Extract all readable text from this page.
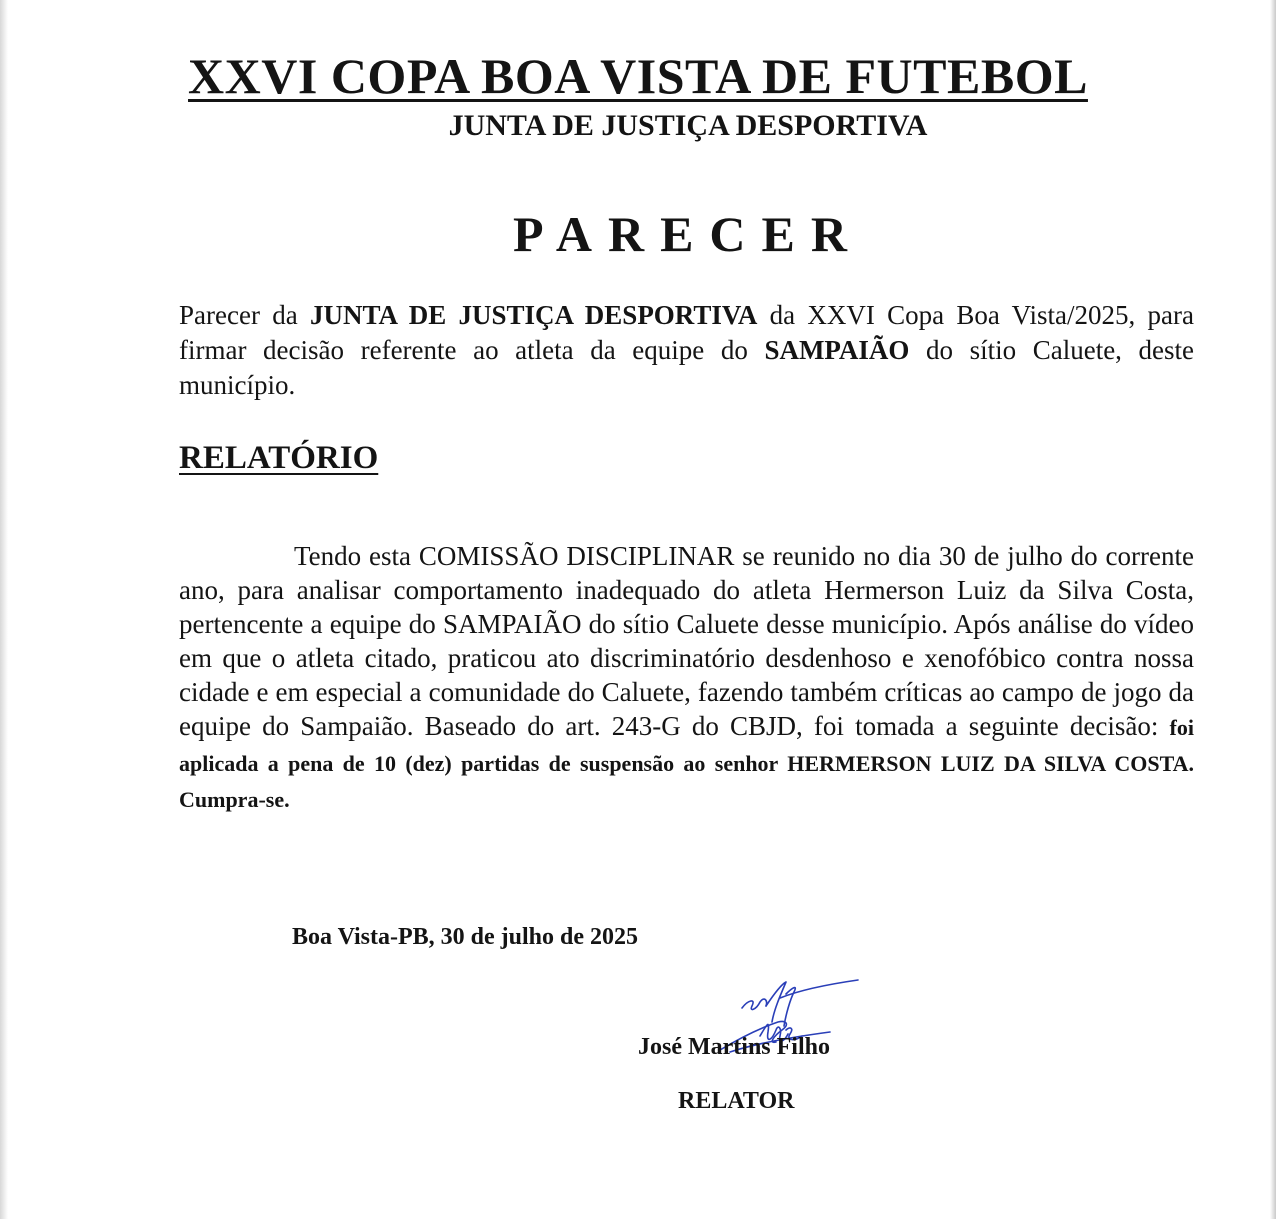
XXVI COPA BOA VISTA DE FUTEBOL
JUNTA DE JUSTIÇA DESPORTIVA
PARECER
Parecer da JUNTA DE JUSTIÇA DESPORTIVA da XXVI Copa Boa Vista/2025, para firmar decisão referente ao atleta da equipe do SAMPAIÃO do sítio Caluete, deste município.
RELATÓRIO
Tendo esta COMISSÃO DISCIPLINAR se reunido no dia 30 de julho do corrente ano, para analisar comportamento inadequado do atleta Hermerson Luiz da Silva Costa, pertencente a equipe do SAMPAIÃO do sítio Caluete desse município. Após análise do vídeo em que o atleta citado, praticou ato discriminatório desdenhoso e xenofóbico contra nossa cidade e em especial a comunidade do Caluete, fazendo também críticas ao campo de jogo da equipe do Sampaião. Baseado do art. 243-G do CBJD, foi tomada a seguinte decisão: foi aplicada a pena de 10 (dez) partidas de suspensão ao senhor HERMERSON LUIZ DA SILVA COSTA. Cumpra-se.
Boa Vista-PB, 30 de julho de 2025
José Martins Filho
RELATOR
